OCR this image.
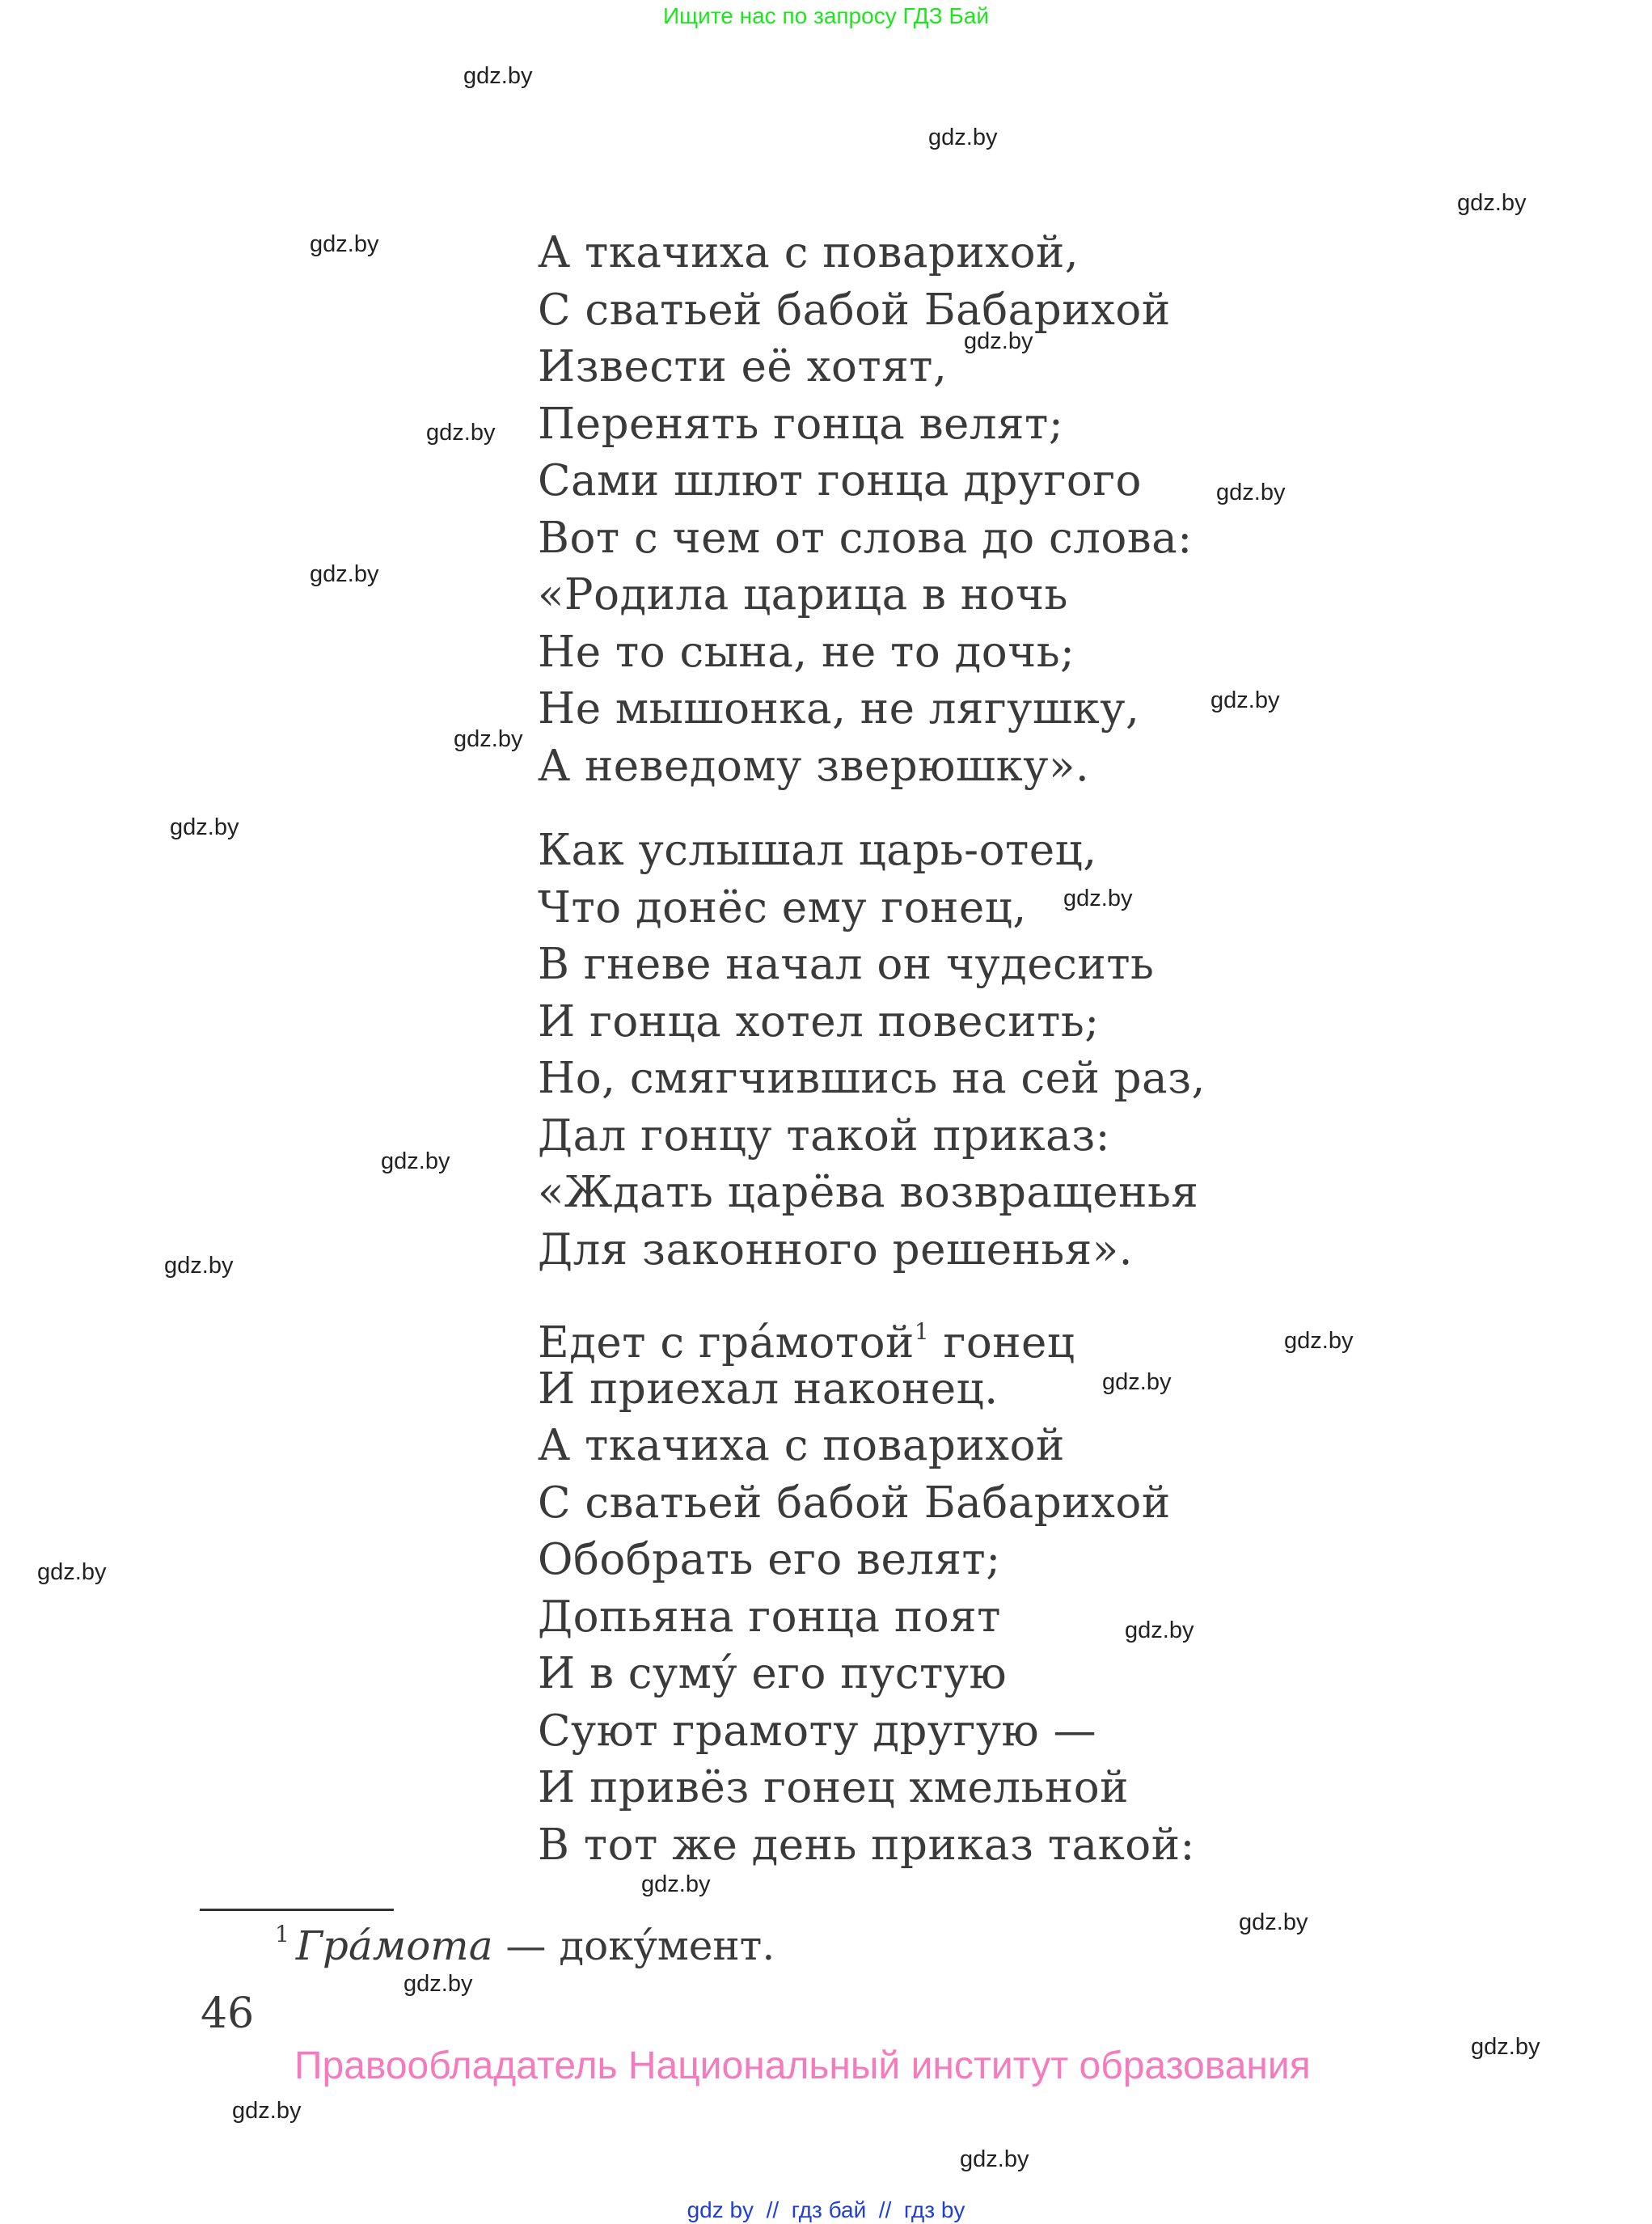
Ищите нас по запросу ГДЗ Бай
А ткачиха с поварихой,
С сватьей бабой Бабарихой
Извести её хотят,
Перенять гонца велят;
Сами шлют гонца другого
Вот с чем от слова до слова:
«Родила царица в ночь
Не то сына, не то дочь;
Не мышонка, не лягушку,
А неведому зверюшку».
Как услышал царь-отец,
Что донёс ему гонец,
В гневе начал он чудесить
И гонца хотел повесить;
Но, смягчившись на сей раз,
Дал гонцу такой приказ:
«Ждать царёва возвращенья
Для законного решенья».
Едет с гра́мотой$^1$ гонец
И приехал наконец.
А ткачиха с поварихой
С сватьей бабой Бабарихой
Обобрать его велят;
Допьяна гонца поят
И в суму́ его пустую
Суют грамоту другую —
И привёз гонец хмельной
В тот же день приказ такой:
$^1$ Гра́мота — доку́мент.
46
Правообладатель Национальный институт образования
gdz by  //  гдз бай  //  гдз by
gdz.by
gdz.by
gdz.by
gdz.by
gdz.by
gdz.by
gdz.by
gdz.by
gdz.by
gdz.by
gdz.by
gdz.by
gdz.by
gdz.by
gdz.by
gdz.by
gdz.by
gdz.by
gdz.by
gdz.by
gdz.by
gdz.by
gdz.by
gdz.by
